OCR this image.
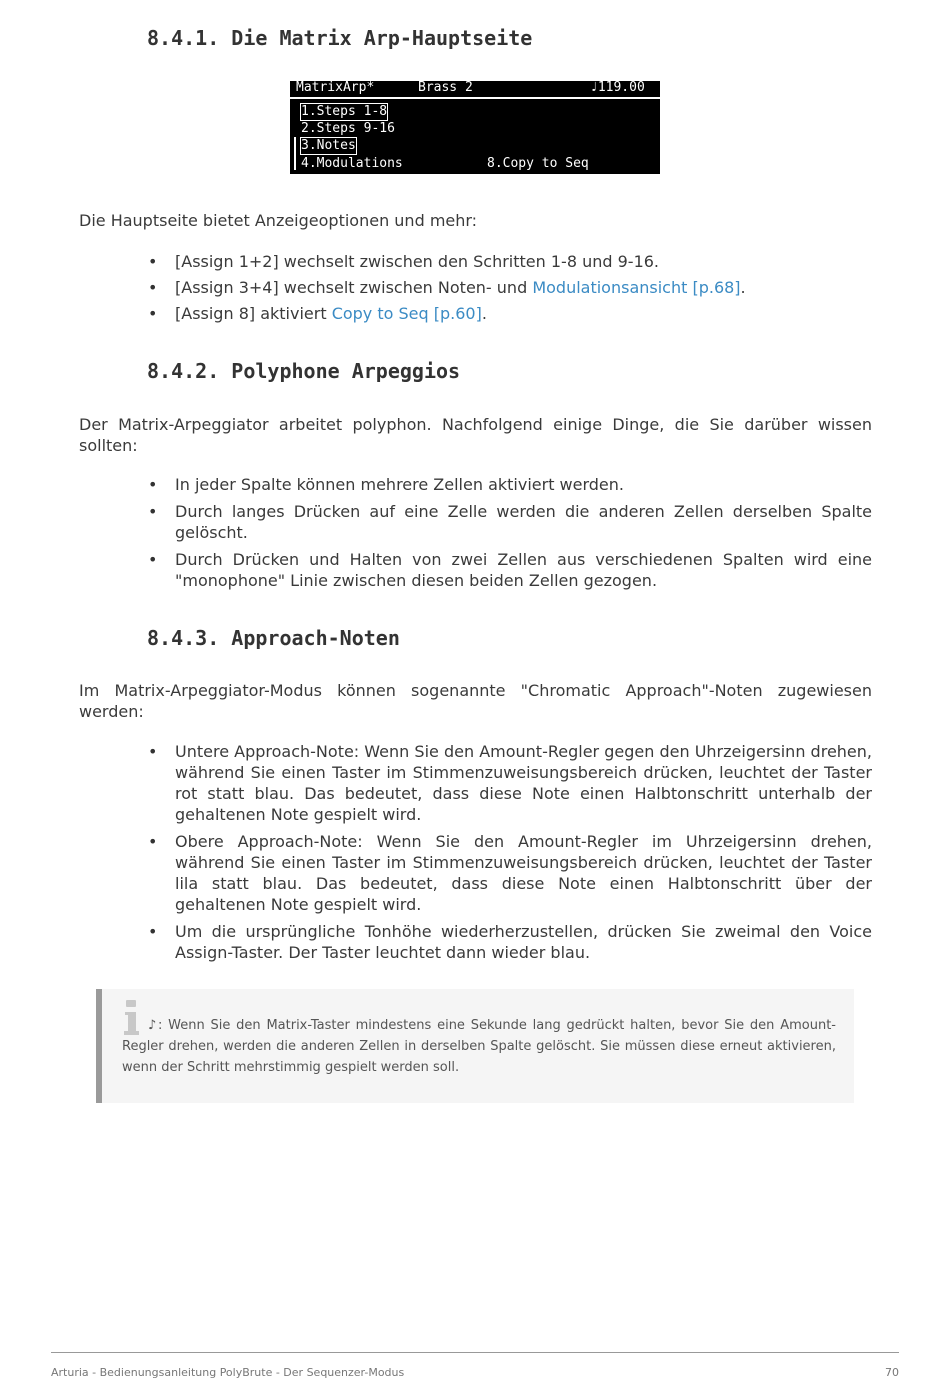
8.4.1. Die Matrix Arp-Hauptseite
MatrixArp*	Brass 2	♩119.00
1.Steps 1-8
2.Steps 9-16
3.Notes
4.Modulations	8.Copy to Seq

Die Hauptseite bietet Anzeigeoptionen und mehr:

• [Assign 1+2] wechselt zwischen den Schritten 1-8 und 9-16.
• [Assign 3+4] wechselt zwischen Noten- und Modulationsansicht [p.68].
• [Assign 8] aktiviert Copy to Seq [p.60].
8.4.2. Polyphone Arpeggios

Der Matrix-Arpeggiator arbeitet polyphon. Nachfolgend einige Dinge, die Sie darüber wissen sollten:

• In jeder Spalte können mehrere Zellen aktiviert werden.
• Durch langes Drücken auf eine Zelle werden die anderen Zellen derselben Spalte gelöscht.
• Durch Drücken und Halten von zwei Zellen aus verschiedenen Spalten wird eine "monophone" Linie zwischen diesen beiden Zellen gezogen.
8.4.3. Approach-Noten

Im Matrix-Arpeggiator-Modus können sogenannte "Chromatic Approach"-Noten zugewiesen werden:

• Untere Approach-Note: Wenn Sie den Amount-Regler gegen den Uhrzeigersinn drehen, während Sie einen Taster im Stimmenzuweisungsbereich drücken, leuchtet der Taster rot statt blau. Das bedeutet, dass diese Note einen Halbtonschritt unterhalb der gehaltenen Note gespielt wird.
• Obere Approach-Note: Wenn Sie den Amount-Regler im Uhrzeigersinn drehen, während Sie einen Taster im Stimmenzuweisungsbereich drücken, leuchtet der Taster lila statt blau. Das bedeutet, dass diese Note einen Halbtonschritt über der gehaltenen Note gespielt wird.
• Um die ursprüngliche Tonhöhe wiederherzustellen, drücken Sie zweimal den Voice Assign-Taster. Der Taster leuchtet dann wieder blau.

♪: Wenn Sie den Matrix-Taster mindestens eine Sekunde lang gedrückt halten, bevor Sie den Amount-Regler drehen, werden die anderen Zellen in derselben Spalte gelöscht. Sie müssen diese erneut aktivieren, wenn der Schritt mehrstimmig gespielt werden soll.

Arturia - Bedienungsanleitung PolyBrute - Der Sequenzer-Modus	70
